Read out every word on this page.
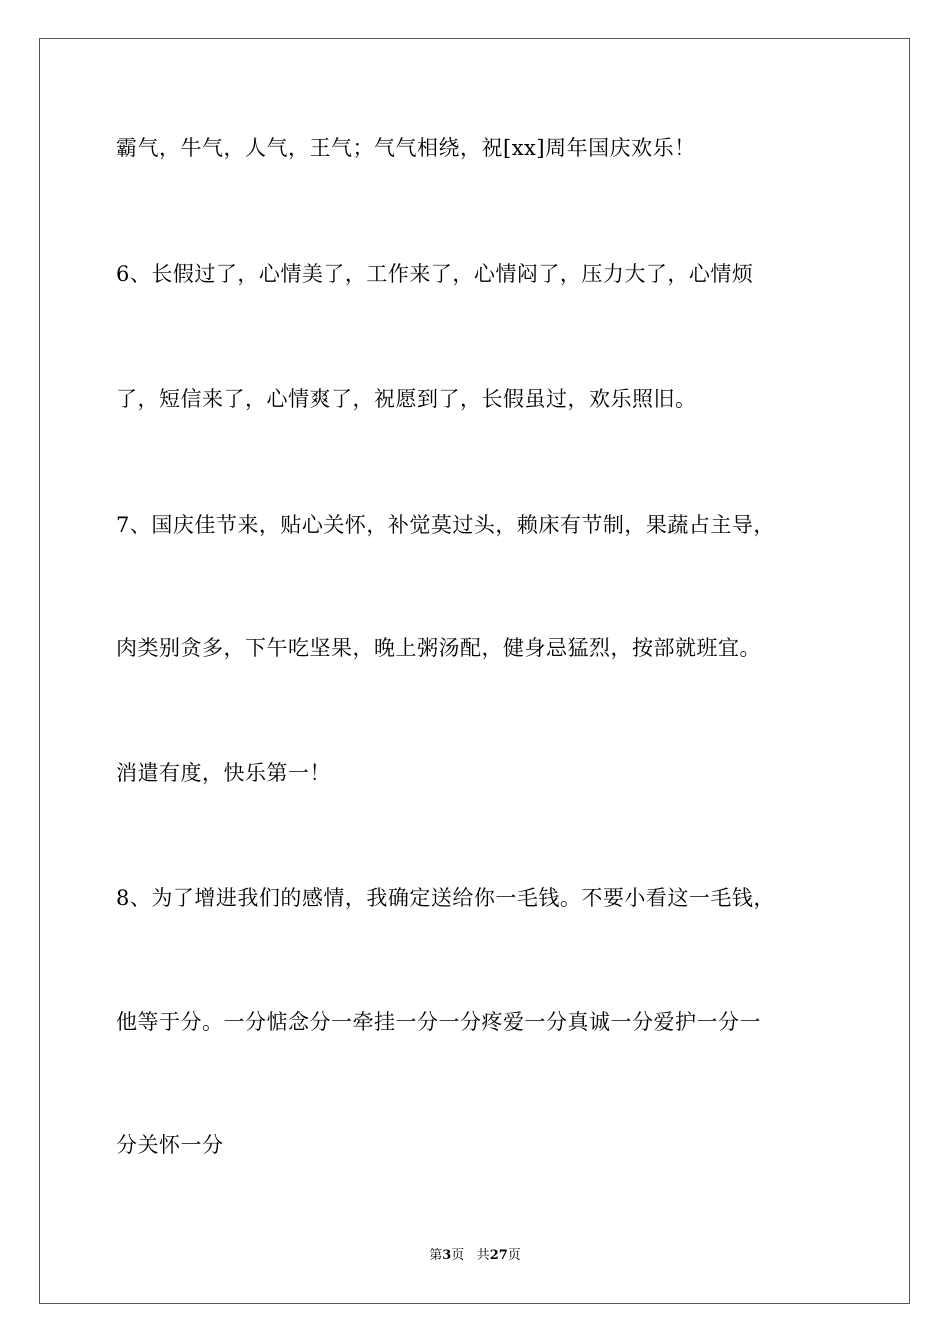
霸气，牛气，人气，王气；气气相绕，祝[xx]周年国庆欢乐！
6、长假过了，心情美了，工作来了，心情闷了，压力大了，心情烦
了，短信来了，心情爽了，祝愿到了，长假虽过，欢乐照旧。
7、国庆佳节来，贴心关怀，补觉莫过头，赖床有节制，果蔬占主导，
肉类别贪多，下午吃坚果，晚上粥汤配，健身忌猛烈，按部就班宜。
消遣有度，快乐第一！
8、为了增进我们的感情，我确定送给你一毛钱。不要小看这一毛钱，
他等于分。一分惦念分一牵挂一分一分疼爱一分真诚一分爱护一分一
分关怀一分
第3页 共27页
